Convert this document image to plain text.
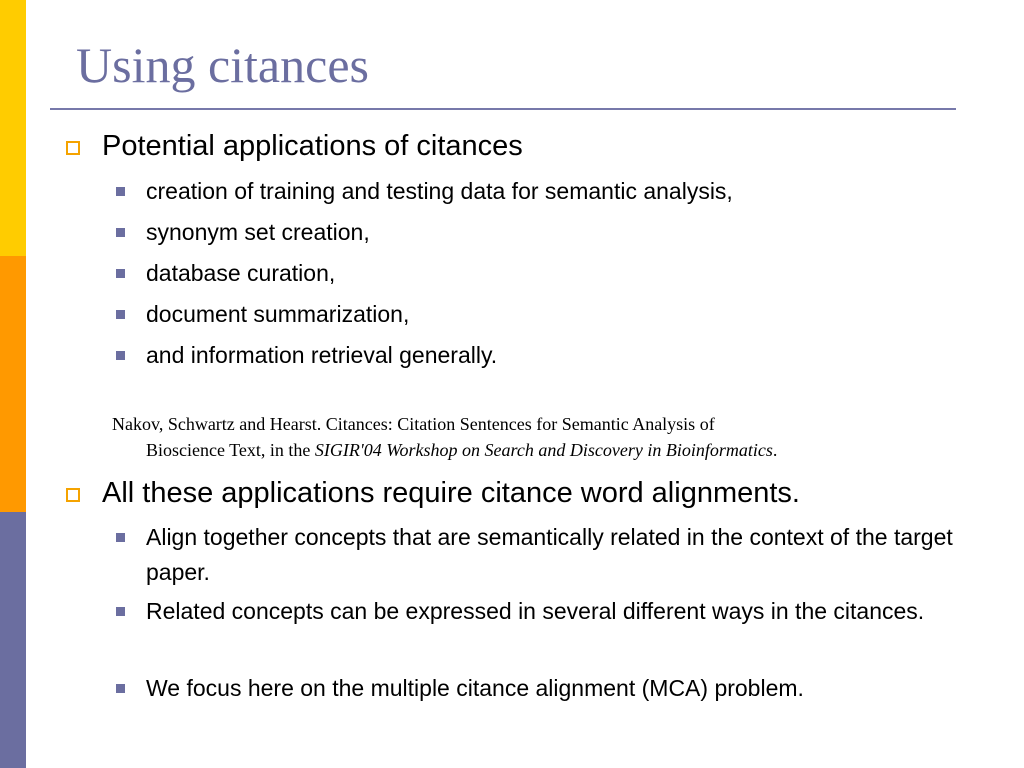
Using citances
Potential applications of citances
creation of training and testing data for semantic analysis,
synonym set creation,
database curation,
document summarization,
and information retrieval generally.
Nakov, Schwartz and Hearst. Citances: Citation Sentences for Semantic Analysis of
Bioscience Text, in the SIGIR'04 Workshop on Search and Discovery in Bioinformatics.
All these applications require citance word alignments.
Align together concepts that are semantically related in the context of the target paper.
Related concepts can be expressed in several different ways in the citances.
We focus here on the multiple citance alignment (MCA) problem.
